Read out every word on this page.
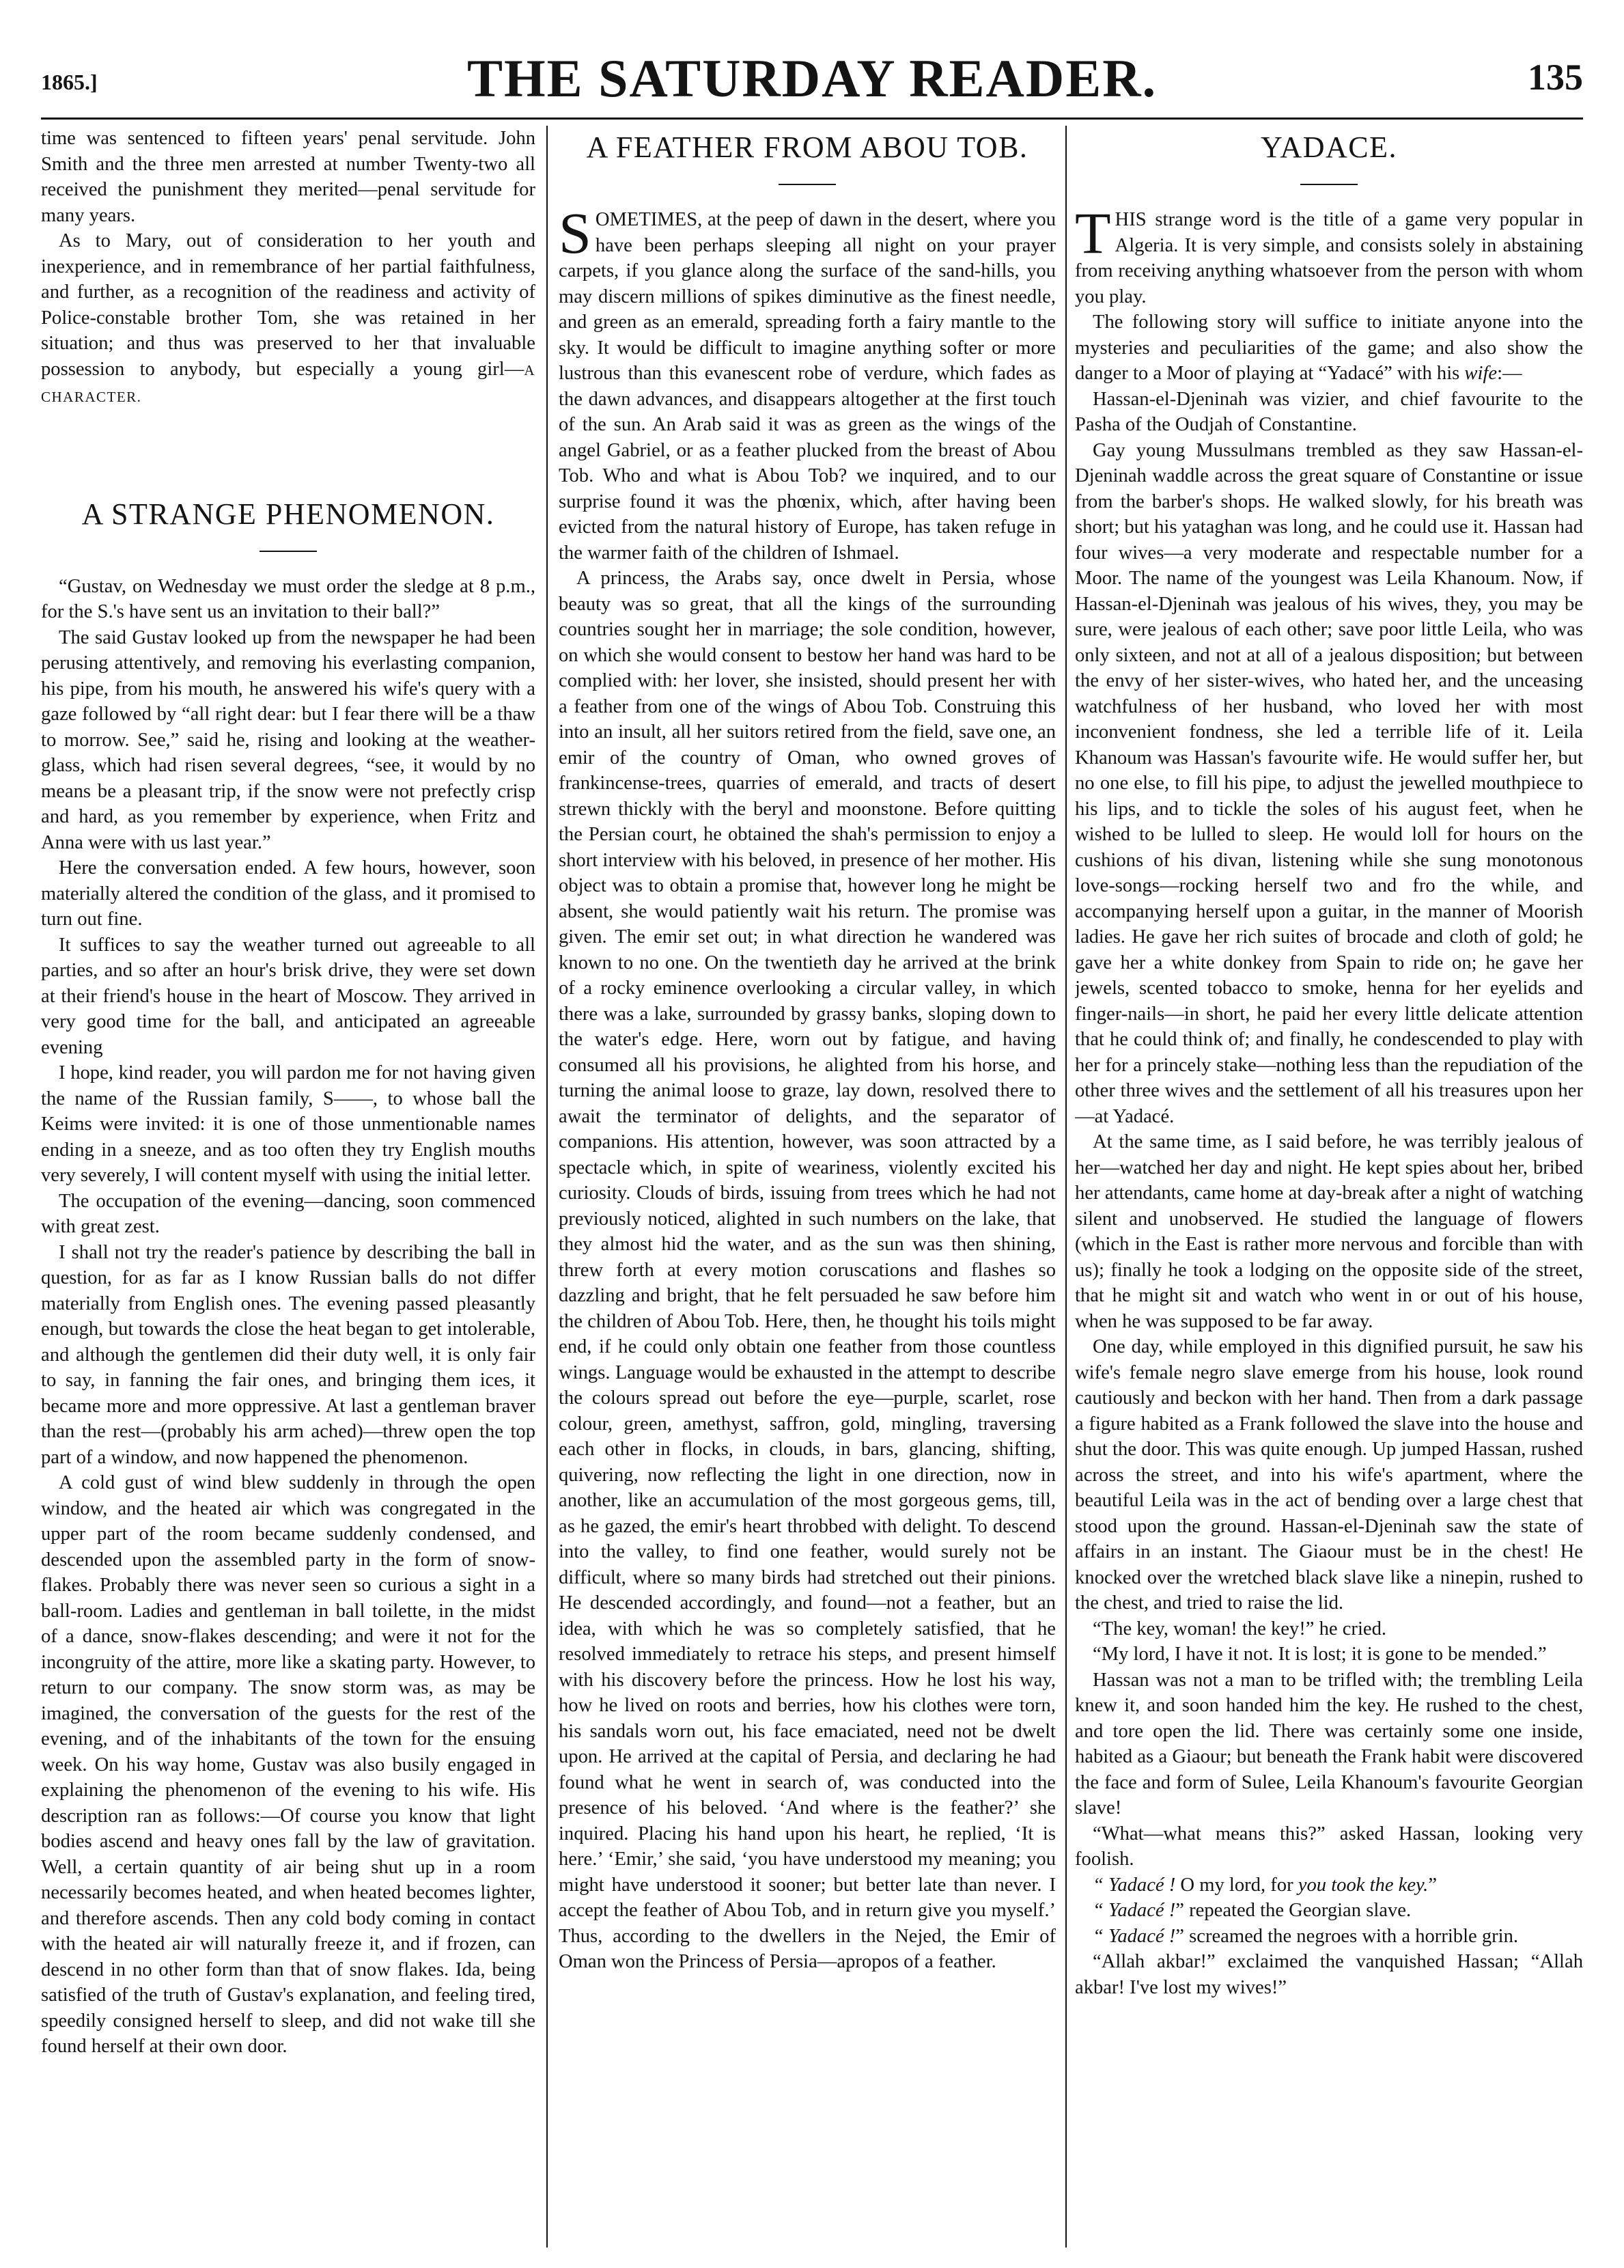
1865.]	THE SATURDAY READER.	135

time was sentenced to fifteen years' penal servitude. John Smith and the three men arrested at number Twenty-two all received the punishment they merited—penal servitude for many years.

As to Mary, out of consideration to her youth and inexperience, and in remembrance of her partial faithfulness, and further, as a recognition of the readiness and activity of Police-constable brother Tom, she was retained in her situation; and thus was preserved to her that invaluable possession to anybody, but especially a young girl—A CHARACTER.

A STRANGE PHENOMENON.

“Gustav, on Wednesday we must order the sledge at 8 p.m., for the S.'s have sent us an invitation to their ball?”

The said Gustav looked up from the newspaper he had been perusing attentively, and removing his everlasting companion, his pipe, from his mouth, he answered his wife's query with a gaze followed by “all right dear: but I fear there will be a thaw to morrow. See,” said he, rising and looking at the weather-glass, which had risen several degrees, “see, it would by no means be a pleasant trip, if the snow were not prefectly crisp and hard, as you remember by experience, when Fritz and Anna were with us last year.”

Here the conversation ended. A few hours, however, soon materially altered the condition of the glass, and it promised to turn out fine.

It suffices to say the weather turned out agreeable to all parties, and so after an hour's brisk drive, they were set down at their friend's house in the heart of Moscow. They arrived in very good time for the ball, and anticipated an agreeable evening

I hope, kind reader, you will pardon me for not having given the name of the Russian family, S——, to whose ball the Keims were invited: it is one of those unmentionable names ending in a sneeze, and as too often they try English mouths very severely, I will content myself with using the initial letter.

The occupation of the evening—dancing, soon commenced with great zest.

I shall not try the reader's patience by describing the ball in question, for as far as I know Russian balls do not differ materially from English ones. The evening passed pleasantly enough, but towards the close the heat began to get intolerable, and although the gentlemen did their duty well, it is only fair to say, in fanning the fair ones, and bringing them ices, it became more and more oppressive. At last a gentleman braver than the rest—(probably his arm ached)—threw open the top part of a window, and now happened the phenomenon.

A cold gust of wind blew suddenly in through the open window, and the heated air which was congregated in the upper part of the room became suddenly condensed, and descended upon the assembled party in the form of snow-flakes. Probably there was never seen so curious a sight in a ball-room. Ladies and gentleman in ball toilette, in the midst of a dance, snow-flakes descending; and were it not for the incongruity of the attire, more like a skating party. However, to return to our company. The snow storm was, as may be imagined, the conversation of the guests for the rest of the evening, and of the inhabitants of the town for the ensuing week. On his way home, Gustav was also busily engaged in explaining the phenomenon of the evening to his wife. His description ran as follows:—Of course you know that light bodies ascend and heavy ones fall by the law of gravitation. Well, a certain quantity of air being shut up in a room necessarily becomes heated, and when heated becomes lighter, and therefore ascends. Then any cold body coming in contact with the heated air will naturally freeze it, and if frozen, can descend in no other form than that of snow flakes. Ida, being satisfied of the truth of Gustav's explanation, and feeling tired, speedily consigned herself to sleep, and did not wake till she found herself at their own door.

A FEATHER FROM ABOU TOB.

SOMETIMES, at the peep of dawn in the desert, where you have been perhaps sleeping all night on your prayer carpets, if you glance along the surface of the sand-hills, you may discern millions of spikes diminutive as the finest needle, and green as an emerald, spreading forth a fairy mantle to the sky. It would be difficult to imagine anything softer or more lustrous than this evanescent robe of verdure, which fades as the dawn advances, and disappears altogether at the first touch of the sun. An Arab said it was as green as the wings of the angel Gabriel, or as a feather plucked from the breast of Abou Tob. Who and what is Abou Tob? we inquired, and to our surprise found it was the phœnix, which, after having been evicted from the natural history of Europe, has taken refuge in the warmer faith of the children of Ishmael.

A princess, the Arabs say, once dwelt in Persia, whose beauty was so great, that all the kings of the surrounding countries sought her in marriage; the sole condition, however, on which she would consent to bestow her hand was hard to be complied with: her lover, she insisted, should present her with a feather from one of the wings of Abou Tob. Construing this into an insult, all her suitors retired from the field, save one, an emir of the country of Oman, who owned groves of frankincense-trees, quarries of emerald, and tracts of desert strewn thickly with the beryl and moonstone. Before quitting the Persian court, he obtained the shah's permission to enjoy a short interview with his beloved, in presence of her mother. His object was to obtain a promise that, however long he might be absent, she would patiently wait his return. The promise was given. The emir set out; in what direction he wandered was known to no one. On the twentieth day he arrived at the brink of a rocky eminence overlooking a circular valley, in which there was a lake, surrounded by grassy banks, sloping down to the water's edge. Here, worn out by fatigue, and having consumed all his provisions, he alighted from his horse, and turning the animal loose to graze, lay down, resolved there to await the terminator of delights, and the separator of companions. His attention, however, was soon attracted by a spectacle which, in spite of weariness, violently excited his curiosity. Clouds of birds, issuing from trees which he had not previously noticed, alighted in such numbers on the lake, that they almost hid the water, and as the sun was then shining, threw forth at every motion coruscations and flashes so dazzling and bright, that he felt persuaded he saw before him the children of Abou Tob. Here, then, he thought his toils might end, if he could only obtain one feather from those countless wings. Language would be exhausted in the attempt to describe the colours spread out before the eye—purple, scarlet, rose colour, green, amethyst, saffron, gold, mingling, traversing each other in flocks, in clouds, in bars, glancing, shifting, quivering, now reflecting the light in one direction, now in another, like an accumulation of the most gorgeous gems, till, as he gazed, the emir's heart throbbed with delight. To descend into the valley, to find one feather, would surely not be difficult, where so many birds had stretched out their pinions. He descended accordingly, and found—not a feather, but an idea, with which he was so completely satisfied, that he resolved immediately to retrace his steps, and present himself with his discovery before the princess. How he lost his way, how he lived on roots and berries, how his clothes were torn, his sandals worn out, his face emaciated, need not be dwelt upon. He arrived at the capital of Persia, and declaring he had found what he went in search of, was conducted into the presence of his beloved. ‘And where is the feather?’ she inquired. Placing his hand upon his heart, he replied, ‘It is here.’ ‘Emir,’ she said, ‘you have understood my meaning; you might have understood it sooner; but better late than never. I accept the feather of Abou Tob, and in return give you myself.’ Thus, according to the dwellers in the Nejed, the Emir of Oman won the Princess of Persia—apropos of a feather.

YADACE.

THIS strange word is the title of a game very popular in Algeria. It is very simple, and consists solely in abstaining from receiving anything whatsoever from the person with whom you play.

The following story will suffice to initiate anyone into the mysteries and peculiarities of the game; and also show the danger to a Moor of playing at “Yadacé” with his wife:—

Hassan-el-Djeninah was vizier, and chief favourite to the Pasha of the Oudjah of Constantine.

Gay young Mussulmans trembled as they saw Hassan-el-Djeninah waddle across the great square of Constantine or issue from the barber's shops. He walked slowly, for his breath was short; but his yataghan was long, and he could use it. Hassan had four wives—a very moderate and respectable number for a Moor. The name of the youngest was Leila Khanoum. Now, if Hassan-el-Djeninah was jealous of his wives, they, you may be sure, were jealous of each other; save poor little Leila, who was only sixteen, and not at all of a jealous disposition; but between the envy of her sister-wives, who hated her, and the unceasing watchfulness of her husband, who loved her with most inconvenient fondness, she led a terrible life of it. Leila Khanoum was Hassan's favourite wife. He would suffer her, but no one else, to fill his pipe, to adjust the jewelled mouthpiece to his lips, and to tickle the soles of his august feet, when he wished to be lulled to sleep. He would loll for hours on the cushions of his divan, listening while she sung monotonous love-songs—rocking herself two and fro the while, and accompanying herself upon a guitar, in the manner of Moorish ladies. He gave her rich suites of brocade and cloth of gold; he gave her a white donkey from Spain to ride on; he gave her jewels, scented tobacco to smoke, henna for her eyelids and finger-nails—in short, he paid her every little delicate attention that he could think of; and finally, he condescended to play with her for a princely stake—nothing less than the repudiation of the other three wives and the settlement of all his treasures upon her—at Yadacé.

At the same time, as I said before, he was terribly jealous of her—watched her day and night. He kept spies about her, bribed her attendants, came home at day-break after a night of watching silent and unobserved. He studied the language of flowers (which in the East is rather more nervous and forcible than with us); finally he took a lodging on the opposite side of the street, that he might sit and watch who went in or out of his house, when he was supposed to be far away.

One day, while employed in this dignified pursuit, he saw his wife's female negro slave emerge from his house, look round cautiously and beckon with her hand. Then from a dark passage a figure habited as a Frank followed the slave into the house and shut the door. This was quite enough. Up jumped Hassan, rushed across the street, and into his wife's apartment, where the beautiful Leila was in the act of bending over a large chest that stood upon the ground. Hassan-el-Djeninah saw the state of affairs in an instant. The Giaour must be in the chest! He knocked over the wretched black slave like a ninepin, rushed to the chest, and tried to raise the lid.

“The key, woman! the key!” he cried.

“My lord, I have it not. It is lost; it is gone to be mended.”

Hassan was not a man to be trifled with; the trembling Leila knew it, and soon handed him the key. He rushed to the chest, and tore open the lid. There was certainly some one inside, habited as a Giaour; but beneath the Frank habit were discovered the face and form of Sulee, Leila Khanoum's favourite Georgian slave!

“What—what means this?” asked Hassan, looking very foolish.

“ Yadacé ! O my lord, for you took the key.”

“ Yadacé !” repeated the Georgian slave.

“ Yadacé !” screamed the negroes with a horrible grin.

“Allah akbar!” exclaimed the vanquished Hassan; “Allah akbar! I've lost my wives!”
